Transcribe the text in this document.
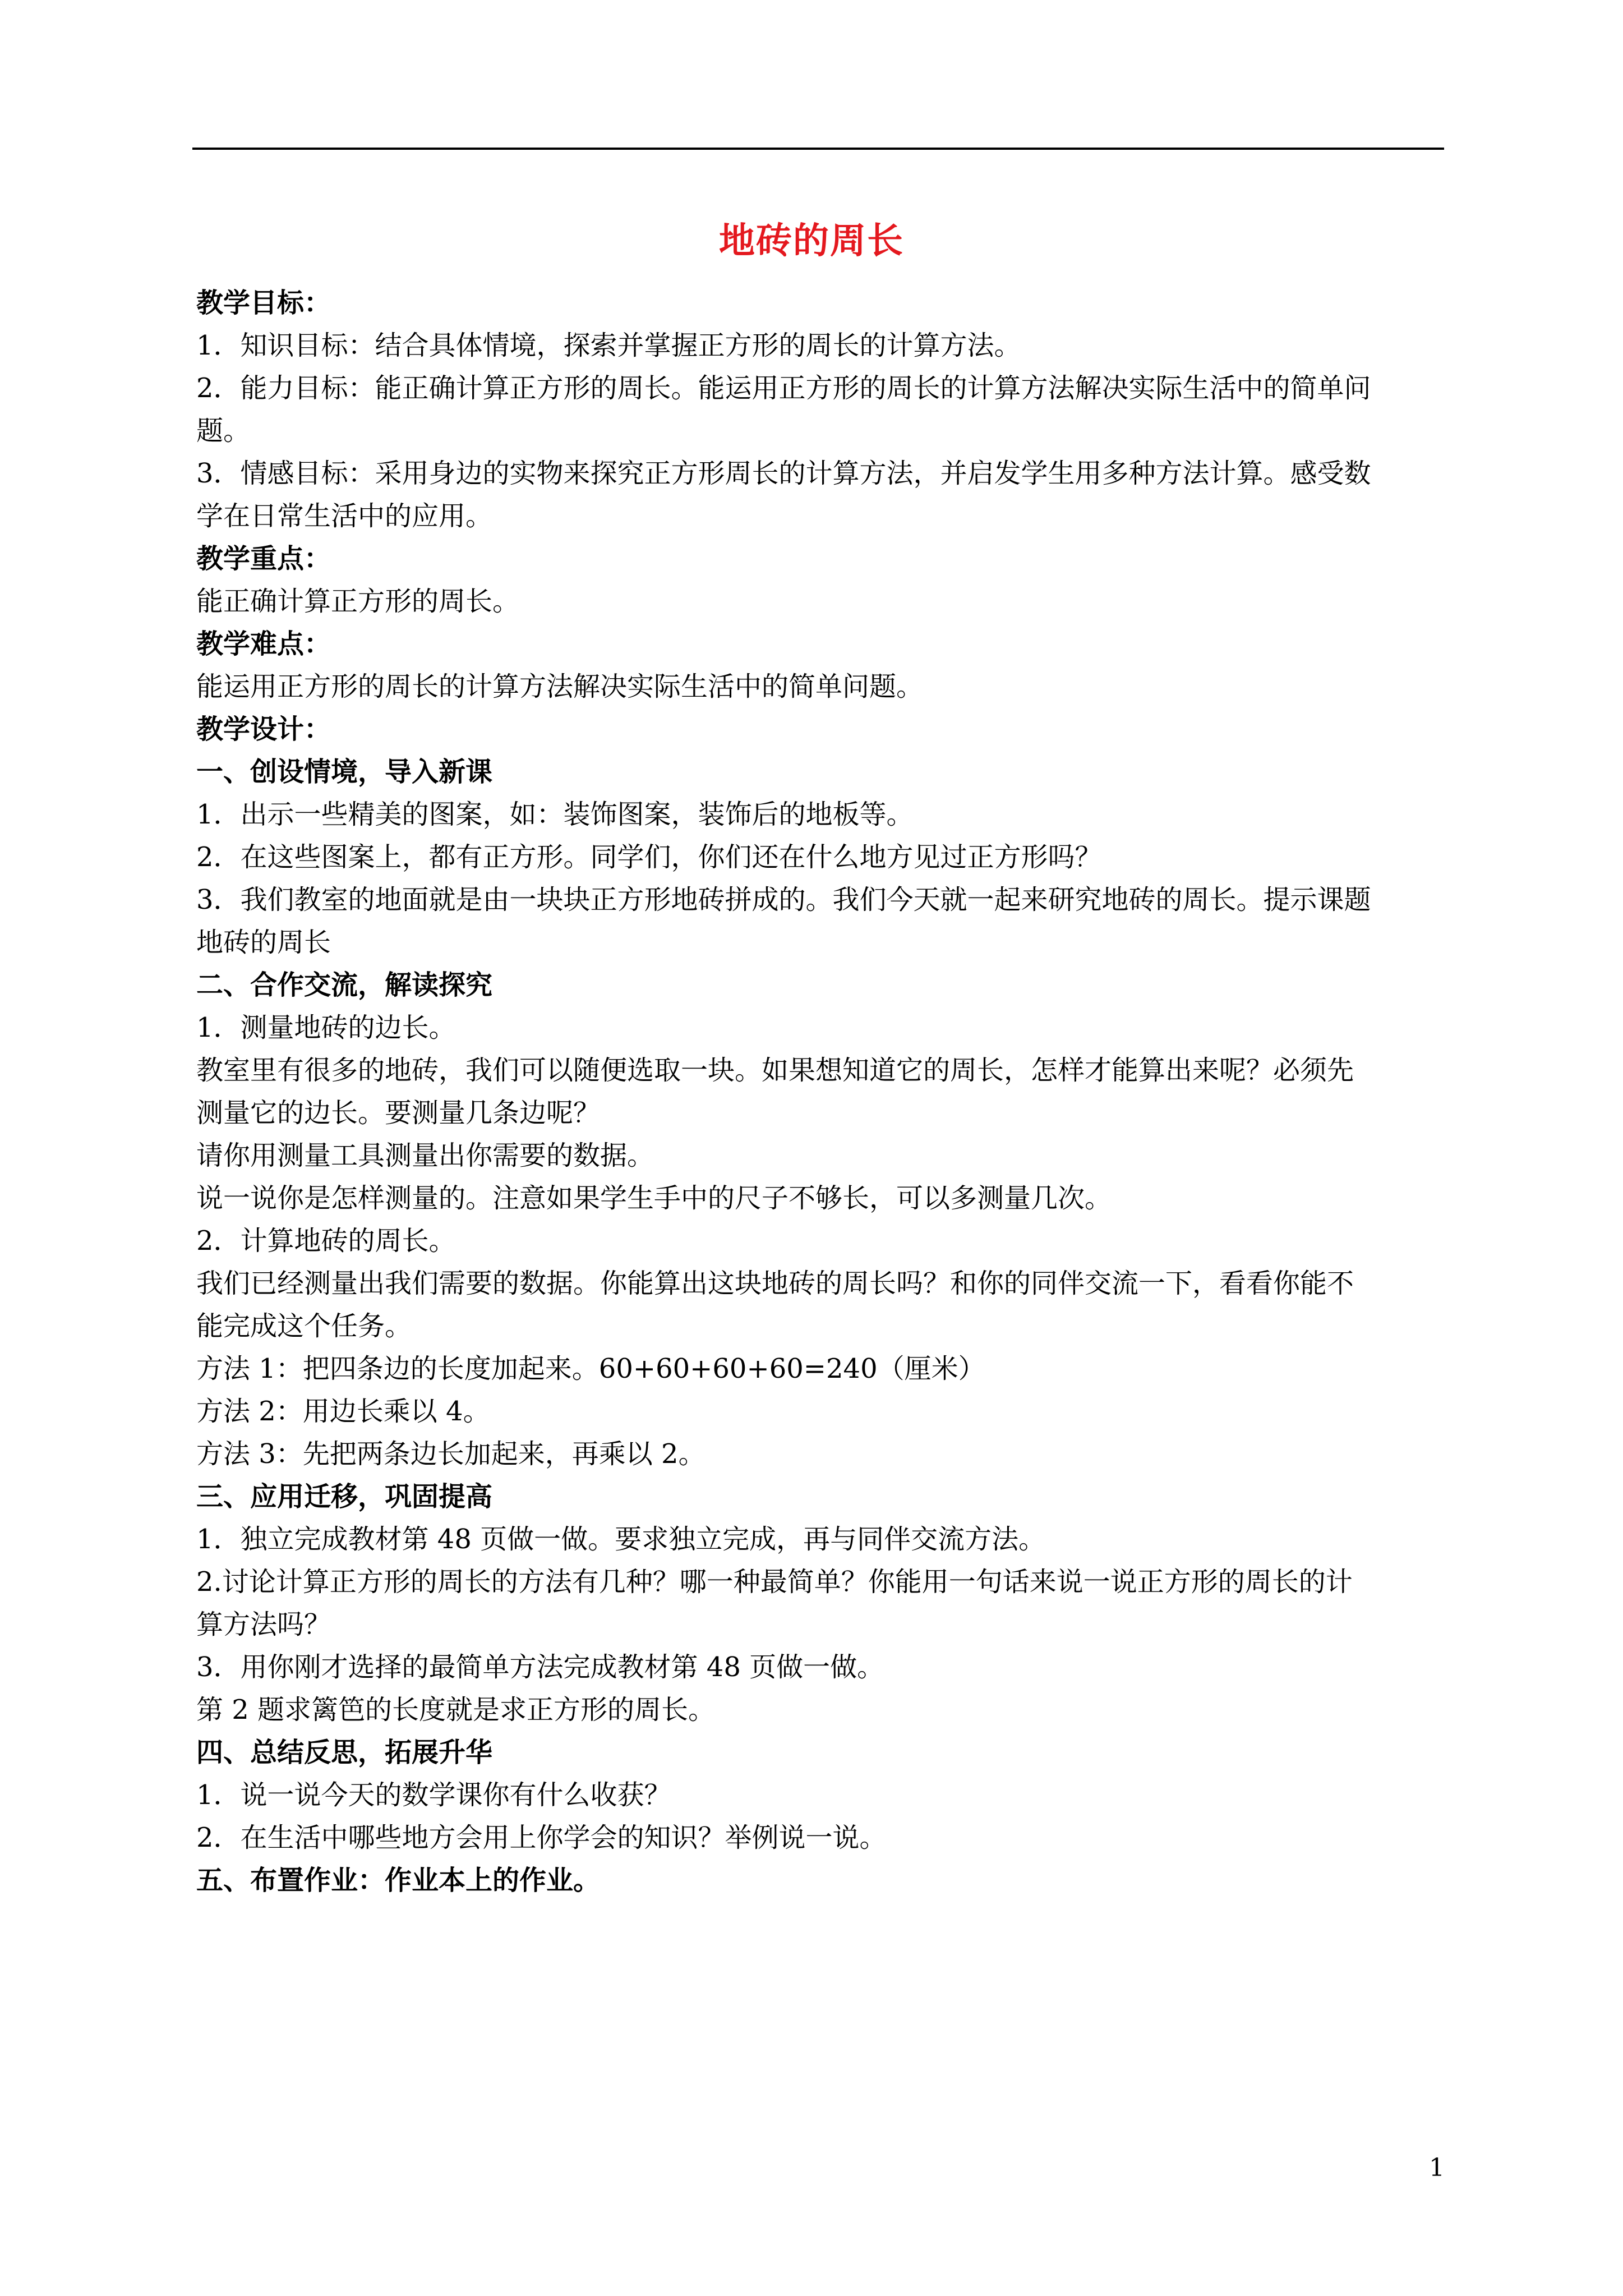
地砖的周长
教学目标：
1．知识目标：结合具体情境，探索并掌握正方形的周长的计算方法。
2．能力目标：能正确计算正方形的周长。能运用正方形的周长的计算方法解决实际生活中的简单问
题。
3．情感目标：采用身边的实物来探究正方形周长的计算方法，并启发学生用多种方法计算。感受数
学在日常生活中的应用。
教学重点：
能正确计算正方形的周长。
教学难点：
能运用正方形的周长的计算方法解决实际生活中的简单问题。
教学设计：
一、创设情境，导入新课
1．出示一些精美的图案，如：装饰图案，装饰后的地板等。
2．在这些图案上，都有正方形。同学们，你们还在什么地方见过正方形吗？
3．我们教室的地面就是由一块块正方形地砖拼成的。我们今天就一起来研究地砖的周长。提示课题
地砖的周长
二、合作交流，解读探究
1．测量地砖的边长。
教室里有很多的地砖，我们可以随便选取一块。如果想知道它的周长，怎样才能算出来呢？必须先
测量它的边长。要测量几条边呢？
请你用测量工具测量出你需要的数据。
说一说你是怎样测量的。注意如果学生手中的尺子不够长，可以多测量几次。
2．计算地砖的周长。
我们已经测量出我们需要的数据。你能算出这块地砖的周长吗？和你的同伴交流一下，看看你能不
能完成这个任务。
方法 1：把四条边的长度加起来。60+60+60+60=240（厘米）
方法 2：用边长乘以 4。
方法 3：先把两条边长加起来，再乘以 2。
三、应用迁移，巩固提高
1．独立完成教材第 48 页做一做。要求独立完成，再与同伴交流方法。
2.讨论计算正方形的周长的方法有几种？哪一种最简单？你能用一句话来说一说正方形的周长的计
算方法吗？
3．用你刚才选择的最简单方法完成教材第 48 页做一做。
第 2 题求篱笆的长度就是求正方形的周长。
四、总结反思，拓展升华
1．说一说今天的数学课你有什么收获？
2．在生活中哪些地方会用上你学会的知识？举例说一说。
五、布置作业：作业本上的作业。
1
